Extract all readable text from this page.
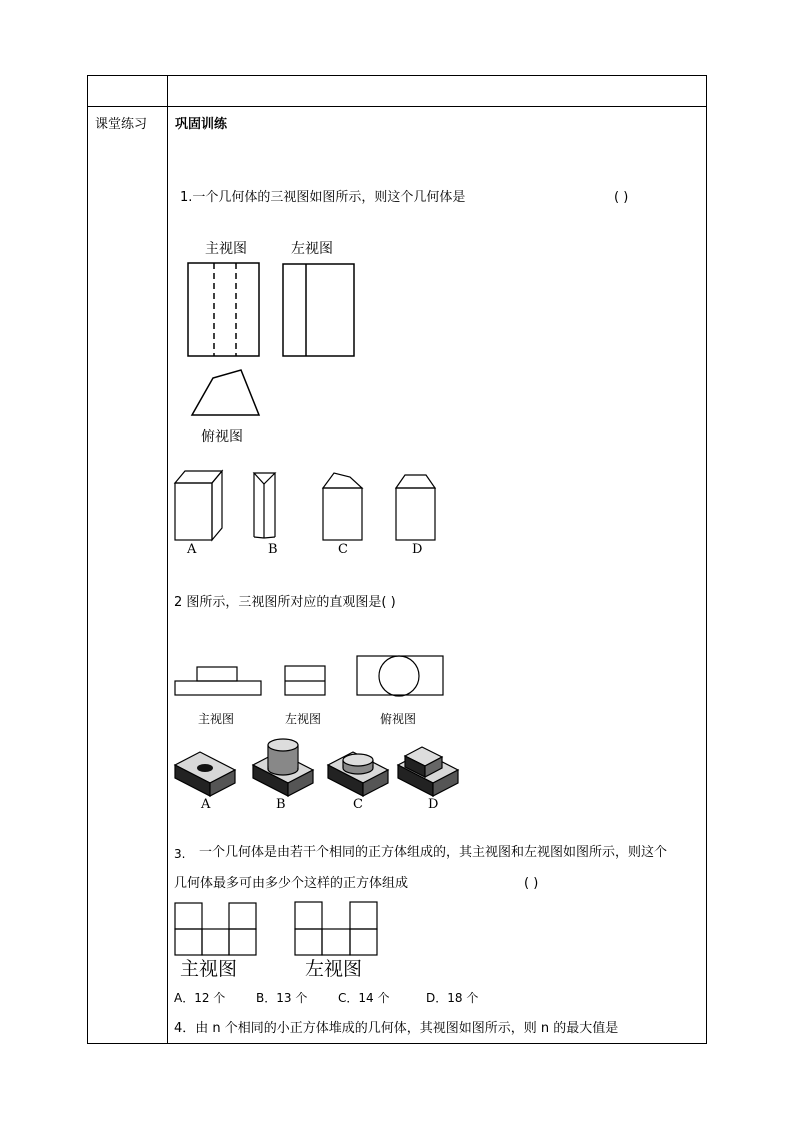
课堂练习 巩固训练
1.一个几何体的三视图如图所示，则这个几何体是	( )
主视图	左视图
俯视图
A	B	C	D
2 图所示，三视图所对应的直观图是( )
主视图	左视图	俯视图
A	B	C	D
3. 一个几何体是由若干个相同的正方体组成的，其主视图和左视图如图所示，则这个
几何体最多可由多少个这样的正方体组成	( )
主视图	左视图
A．12 个	B．13 个	C．14 个	D．18 个
4．由 n 个相同的小正方体堆成的几何体，其视图如图所示，则 n 的最大值是
